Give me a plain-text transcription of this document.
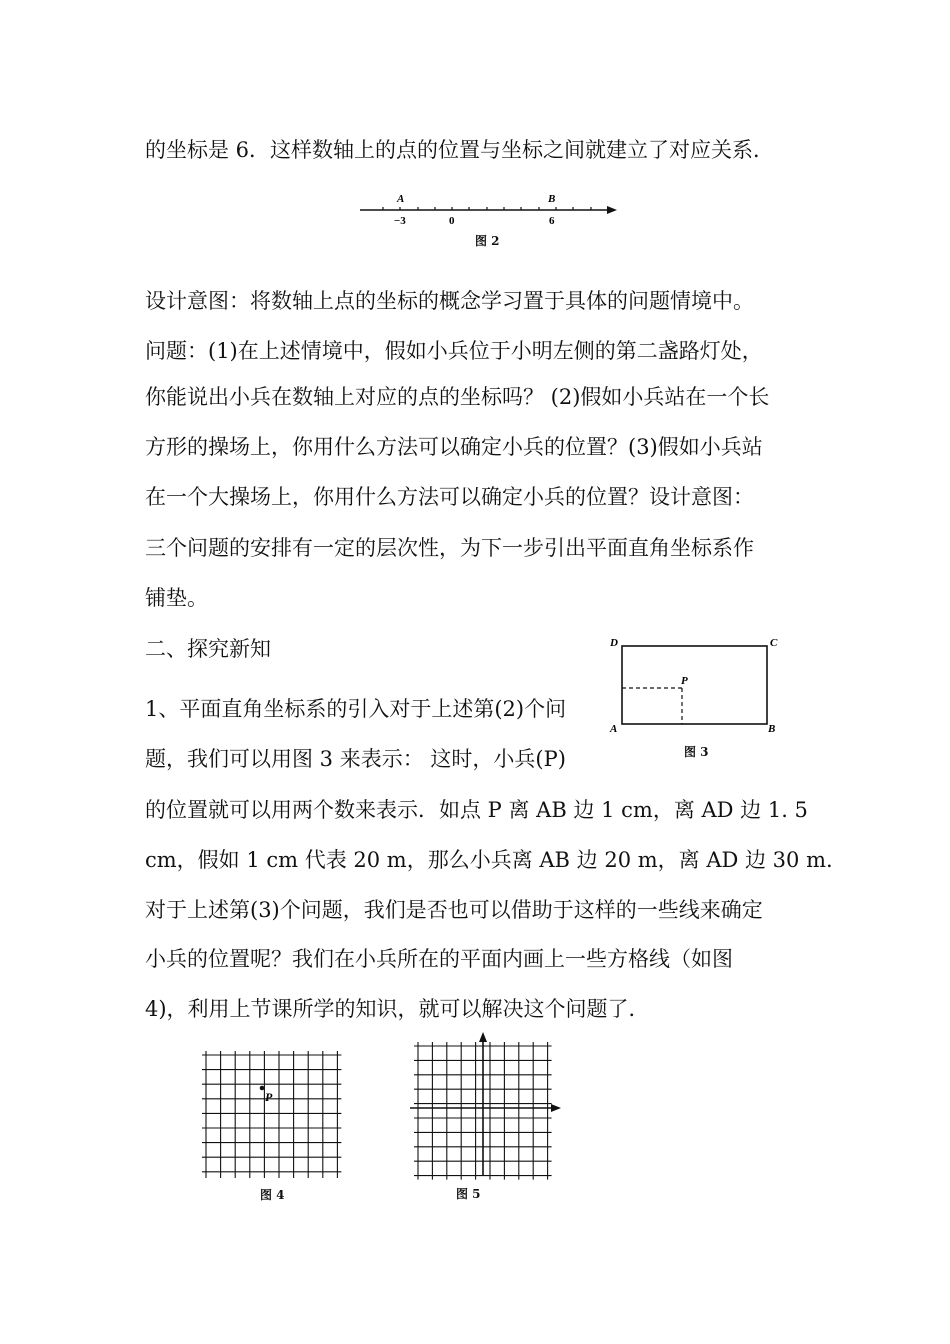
的坐标是 6．这样数轴上的点的位置与坐标之间就建立了对应关系．
A	B
−3	0	6
图 2
设计意图：将数轴上点的坐标的概念学习置于具体的问题情境中。
问题：(1)在上述情境中，假如小兵位于小明左侧的第二盏路灯处，
你能说出小兵在数轴上对应的点的坐标吗？ (2)假如小兵站在一个长
方形的操场上，你用什么方法可以确定小兵的位置？(3)假如小兵站
在一个大操场上，你用什么方法可以确定小兵的位置？设计意图：
三个问题的安排有一定的层次性，为下一步引出平面直角坐标系作
铺垫。
二、探究新知	D	C
A	B
P
图 3
1、平面直角坐标系的引入对于上述第(2)个问
题，我们可以用图 3 来表示： 这时，小兵(P)
的位置就可以用两个数来表示．如点 P 离 AB 边 1 cm，离 AD 边 1. 5
cm，假如 1 cm 代表 20 m，那么小兵离 AB 边 20 m，离 AD 边 30 m.
对于上述第(3)个问题，我们是否也可以借助于这样的一些线来确定
小兵的位置呢？我们在小兵所在的平面内画上一些方格线（如图
4)，利用上节课所学的知识，就可以解决这个问题了．
P
图 4	图 5
